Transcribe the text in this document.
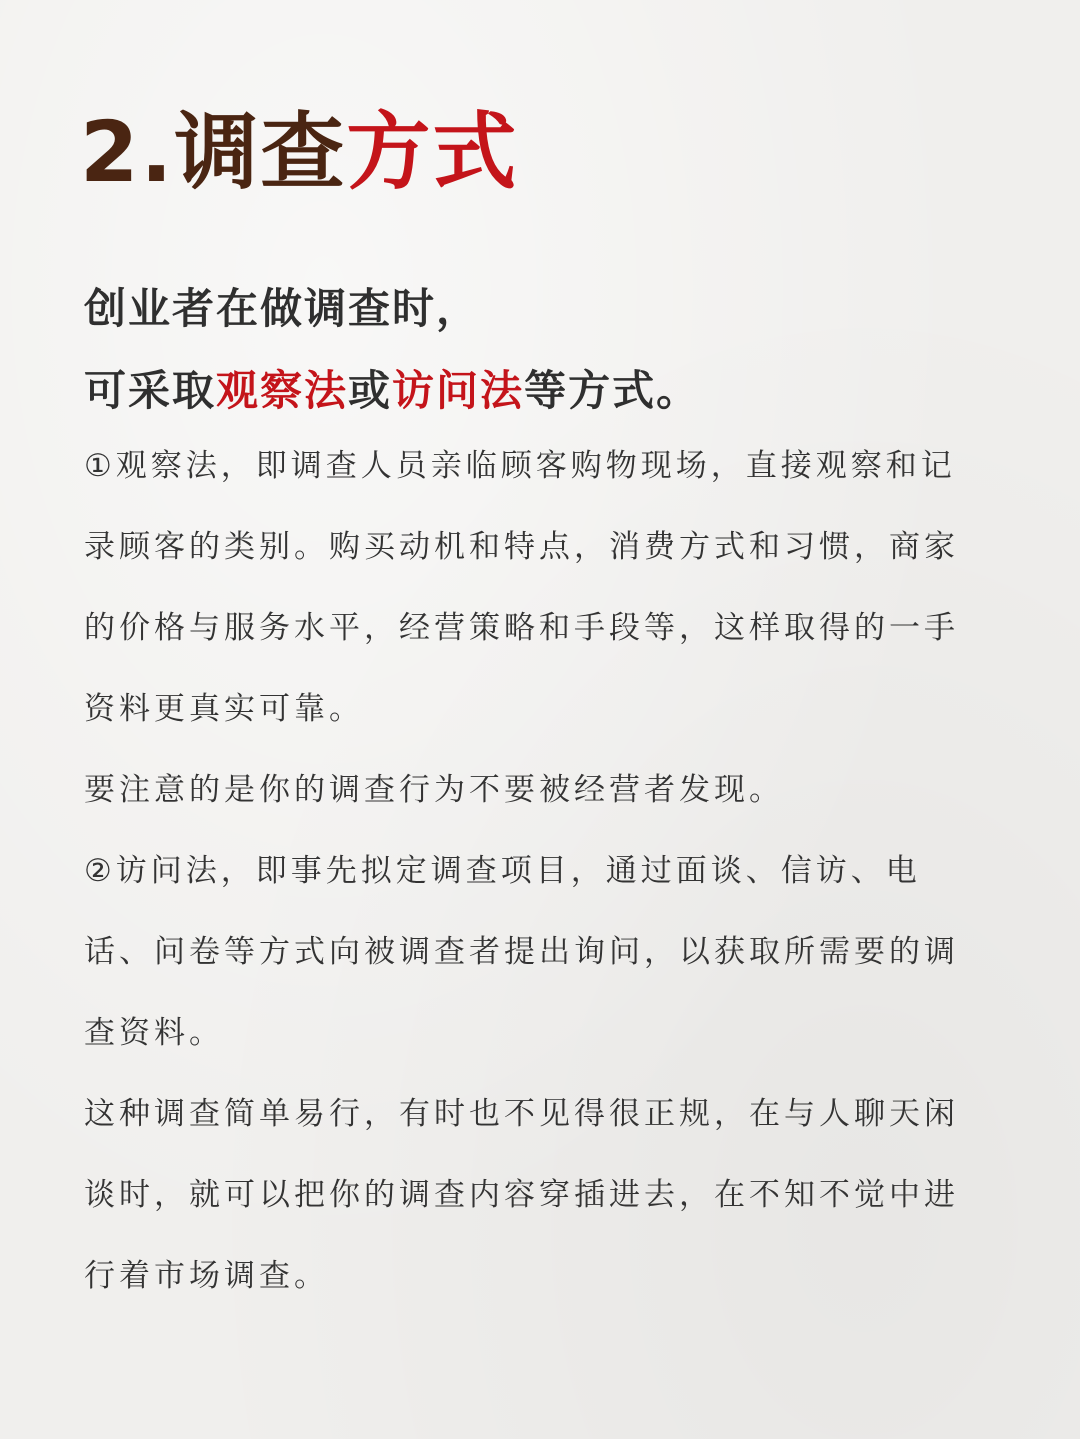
2.调查方式
创业者在做调查时，
可采取观察法或访问法等方式。

①观察法，即调查人员亲临顾客购物现场，直接观察和记录顾客的类别。购买动机和特点，消费方式和习惯，商家的价格与服务水平，经营策略和手段等，这样取得的一手 资料更真实可靠。

要注意的是你的调查行为不要被经营者发现。

②访问法，即事先拟定调查项目，通过面谈、信访、电话、问卷等方式向被调查者提出询问，以获取所需要的调查资料。

这种调查简单易行，有时也不见得很正规，在与人聊天闲谈时，就可以把你的调查内容穿插进去，在不知不觉中进行着市场调查。
